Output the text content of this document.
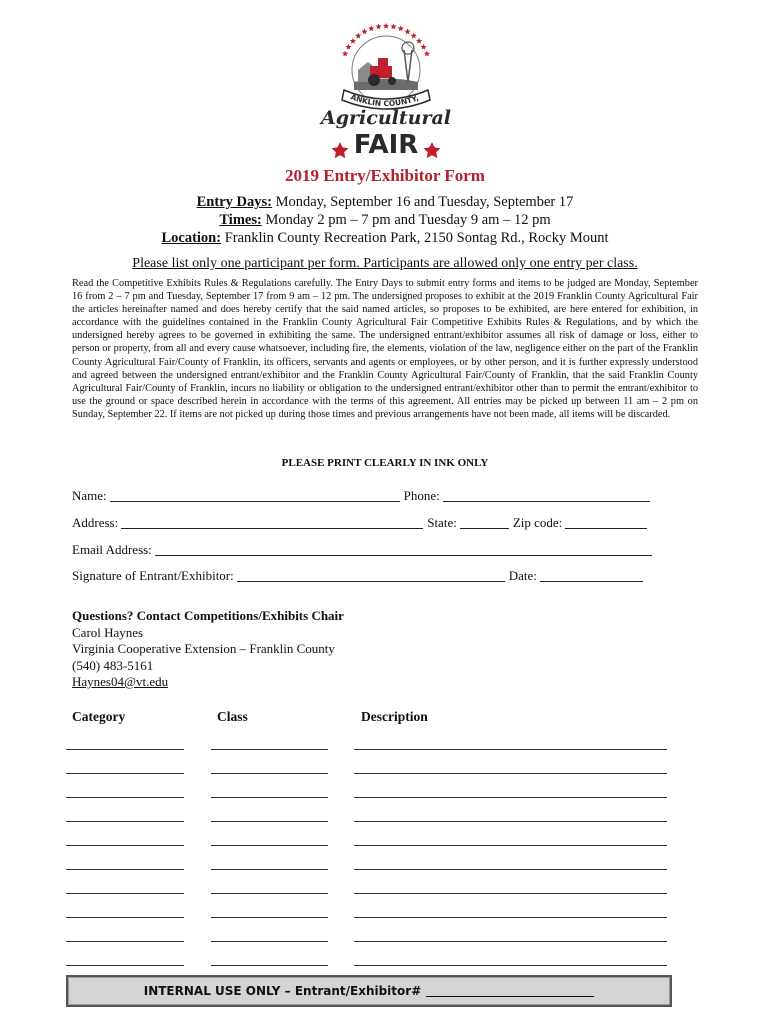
ANKLIN COUNTY,
Agricultural
FAIR
2019 Entry/Exhibitor Form
Entry Days: Monday, September 16 and Tuesday, September 17
Times: Monday 2 pm – 7 pm and Tuesday 9 am – 12 pm
Location: Franklin County Recreation Park, 2150 Sontag Rd., Rocky Mount
Please list only one participant per form. Participants are allowed only one entry per class.
Read the Competitive Exhibits Rules & Regulations carefully. The Entry Days to submit entry forms and items to be judged are Monday, September 16 from 2 – 7 pm and Tuesday, September 17 from 9 am – 12 pm. The undersigned proposes to exhibit at the 2019 Franklin County Agricultural Fair the articles hereinafter named and does hereby certify that the said named articles, so proposes to be exhibited, are here entered for exhibition, in accordance with the guidelines contained in the Franklin County Agricultural Fair Competitive Exhibits Rules & Regulations, and by which the undersigned hereby agrees to be governed in exhibiting the same. The undersigned entrant/exhibitor assumes all risk of damage or loss, either to person or property, from all and every cause whatsoever, including fire, the elements, violation of the law, negligence either on the part of the Franklin County Agricultural Fair/County of Franklin, its officers, servants and agents or employees, or by other person, and it is further expressly understood and agreed between the undersigned entrant/exhibitor and the Franklin County Agricultural Fair/County of Franklin, that the said Franklin County Agricultural Fair/County of Franklin, incurs no liability or obligation to the undersigned entrant/exhibitor other than to permit the entrant/exhibitor to use the ground or space described herein in accordance with the terms of this agreement. All entries may be picked up between 11 am – 2 pm on Sunday, September 22. If items are not picked up during those times and previous arrangements have not been made, all items will be discarded.
PLEASE PRINT CLEARLY IN INK ONLY
Name:	Phone:
Address:	State:	Zip code:
Email Address:
Signature of Entrant/Exhibitor:	Date:
Questions? Contact Competitions/Exhibits Chair
Carol Haynes
Virginia Cooperative Extension – Franklin County
(540) 483-5161
Haynes04@vt.edu
Category	Class	Description
INTERNAL USE ONLY – Entrant/Exhibitor#
